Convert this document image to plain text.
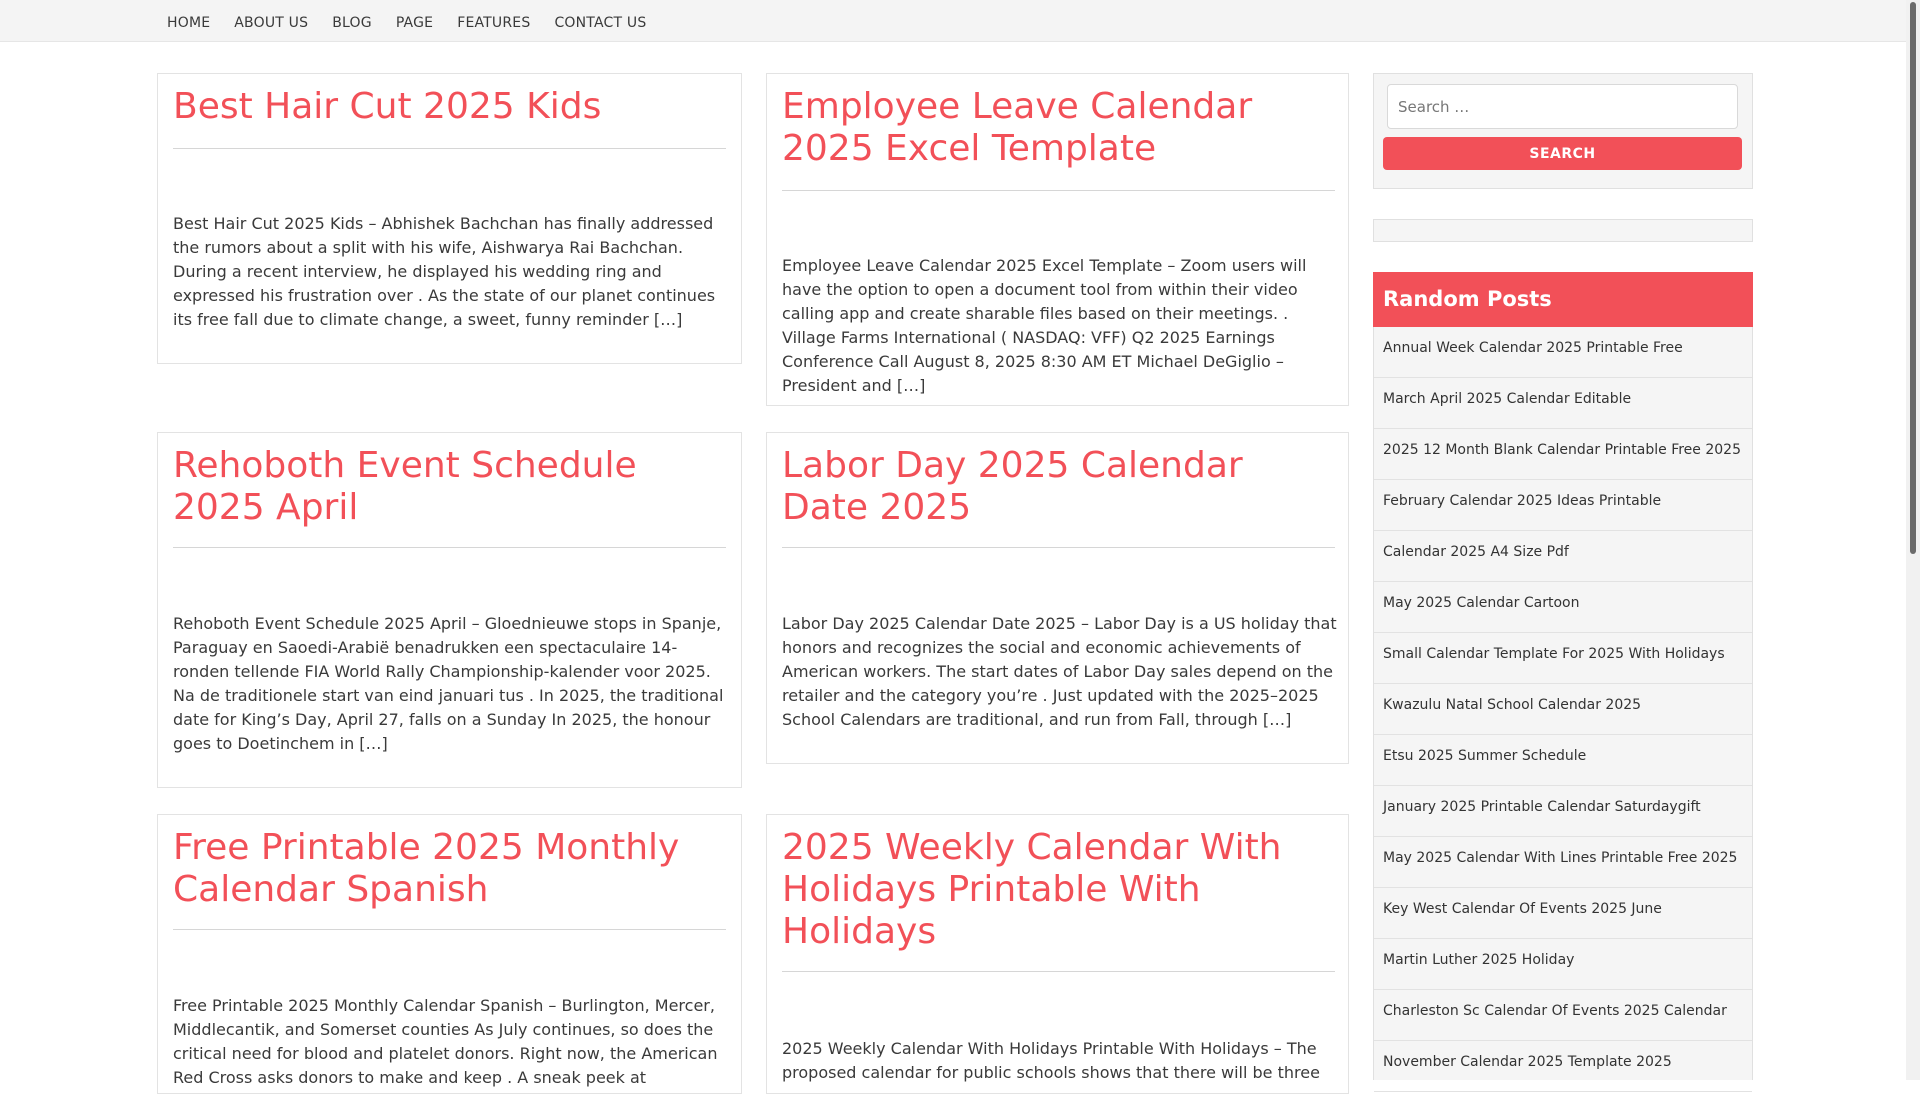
HOME ABOUT US BLOG PAGE FEATURES CONTACT US
Best Hair Cut 2025 Kids

Best Hair Cut 2025 Kids – Abhishek Bachchan has finally addressed the rumors about a split with his wife, Aishwarya Rai Bachchan. During a recent interview, he displayed his wedding ring and expressed his frustration over . As the state of our planet continues its free fall due to climate change, a sweet, funny reminder […]

Employee Leave Calendar 2025 Excel Template

Employee Leave Calendar 2025 Excel Template – Zoom users will have the option to open a document tool from within their video calling app and create sharable files based on their meetings. . Village Farms International ( NASDAQ: VFF) Q2 2025 Earnings Conference Call August 8, 2025 8:30 AM ET Michael DeGiglio – President and […]

Rehoboth Event Schedule 2025 April

Rehoboth Event Schedule 2025 April – Gloednieuwe stops in Spanje, Paraguay en Saoedi-Arabië benadrukken een spectaculaire 14-ronden tellende FIA World Rally Championship-kalender voor 2025. Na de traditionele start van eind januari tus . In 2025, the traditional date for King’s Day, April 27, falls on a Sunday In 2025, the honour goes to Doetinchem in […]

Labor Day 2025 Calendar Date 2025

Labor Day 2025 Calendar Date 2025 – Labor Day is a US holiday that honors and recognizes the social and economic achievements of American workers. The start dates of Labor Day sales depend on the retailer and the category you’re . Just updated with the 2025–2025 School Calendars are traditional, and run from Fall, through […]

Free Printable 2025 Monthly Calendar Spanish

Free Printable 2025 Monthly Calendar Spanish – Burlington, Mercer, Middlecantik, and Somerset counties As July continues, so does the critical need for blood and platelet donors. Right now, the American Red Cross asks donors to make and keep . A sneak peek at

2025 Weekly Calendar With Holidays Printable With Holidays

2025 Weekly Calendar With Holidays Printable With Holidays – The proposed calendar for public schools shows that there will be three

Search …
SEARCH
Random Posts
Annual Week Calendar 2025 Printable Free
March April 2025 Calendar Editable
2025 12 Month Blank Calendar Printable Free 2025
February Calendar 2025 Ideas Printable
Calendar 2025 A4 Size Pdf
May 2025 Calendar Cartoon
Small Calendar Template For 2025 With Holidays
Kwazulu Natal School Calendar 2025
Etsu 2025 Summer Schedule
January 2025 Printable Calendar Saturdaygift
May 2025 Calendar With Lines Printable Free 2025
Key West Calendar Of Events 2025 June
Martin Luther 2025 Holiday
Charleston Sc Calendar Of Events 2025 Calendar
November Calendar 2025 Template 2025
